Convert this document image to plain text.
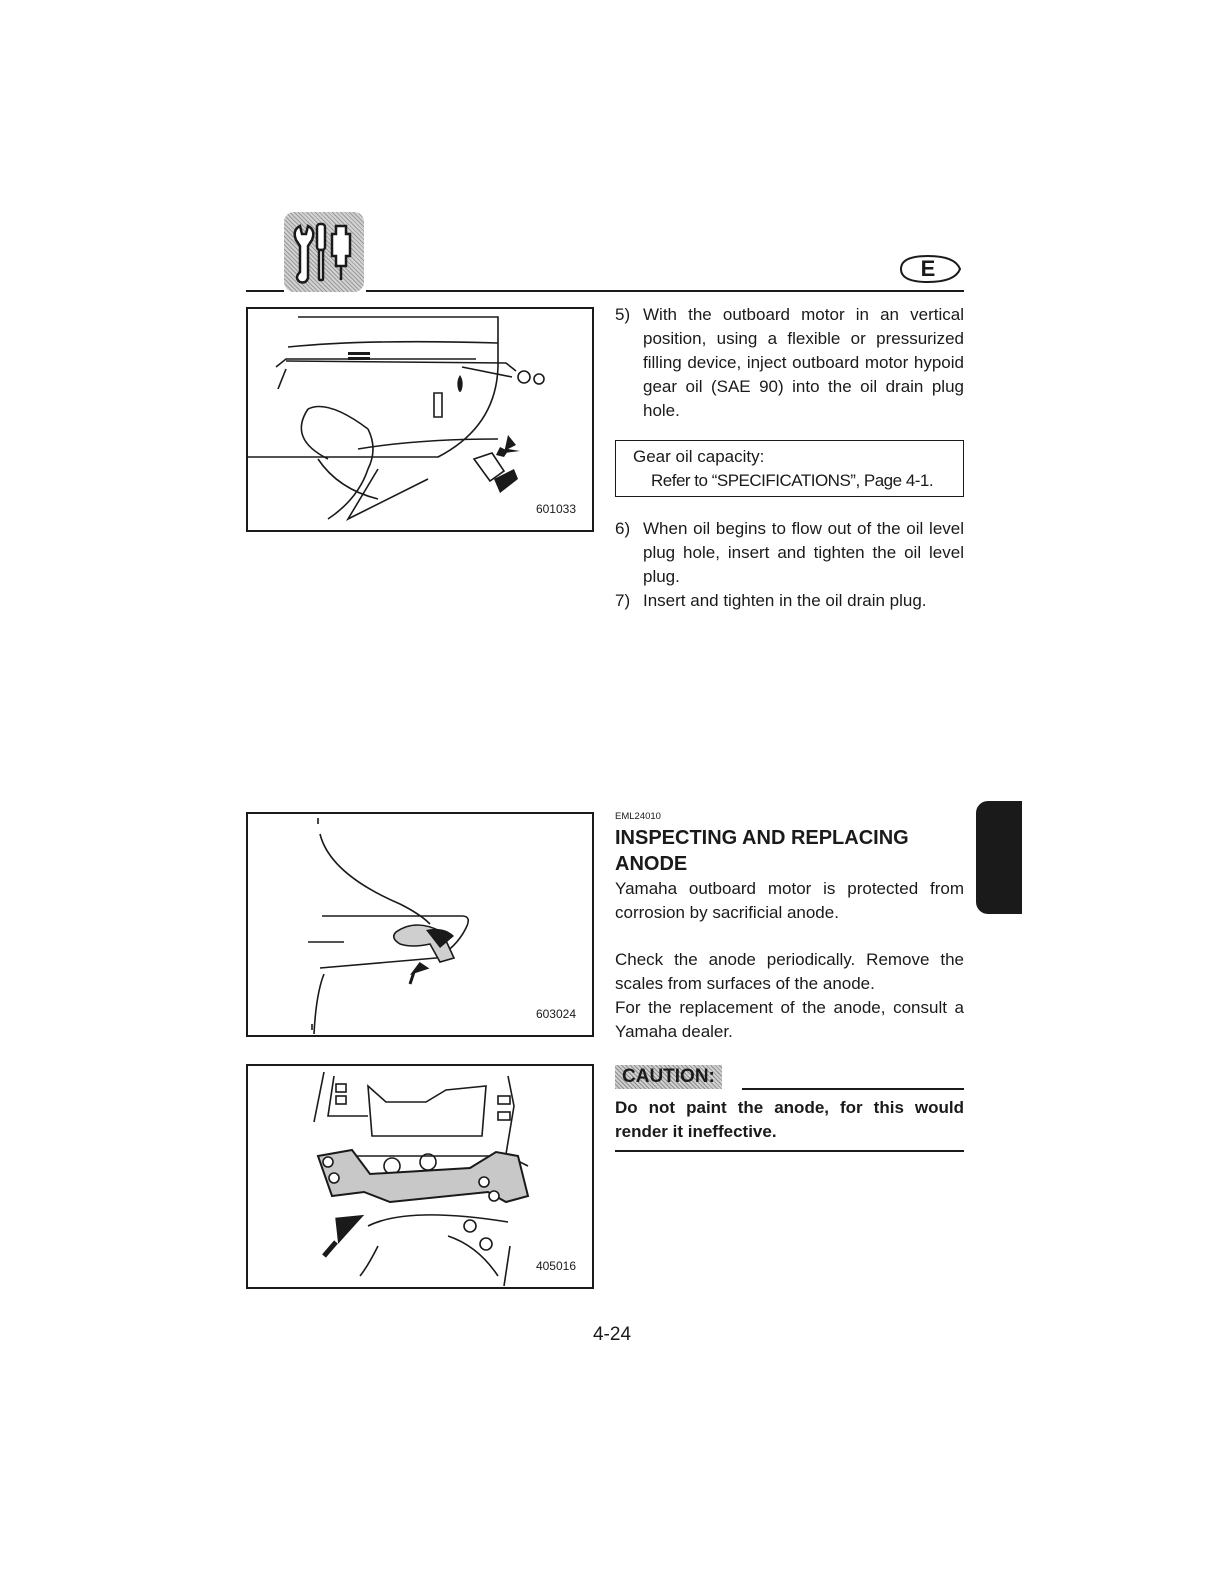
E
601033
5) With the outboard motor in an vertical position, using a flexible or pressurized filling device, inject outboard motor hypoid gear oil (SAE 90) into the oil drain plug hole.
Gear oil capacity:
Refer to “SPECIFICATIONS”, Page 4-1.
6) When oil begins to flow out of the oil level plug hole, insert and tighten the oil level plug.
7) Insert and tighten in the oil drain plug.
603024
405016
EML24010
INSPECTING AND REPLACING
ANODE
Yamaha outboard motor is protected from corrosion by sacrificial anode.
Check the anode periodically. Remove the scales from surfaces of the anode.
For the replacement of the anode, consult a Yamaha dealer.
CAUTION:
Do not paint the anode, for this would render it ineffective.
4-24
